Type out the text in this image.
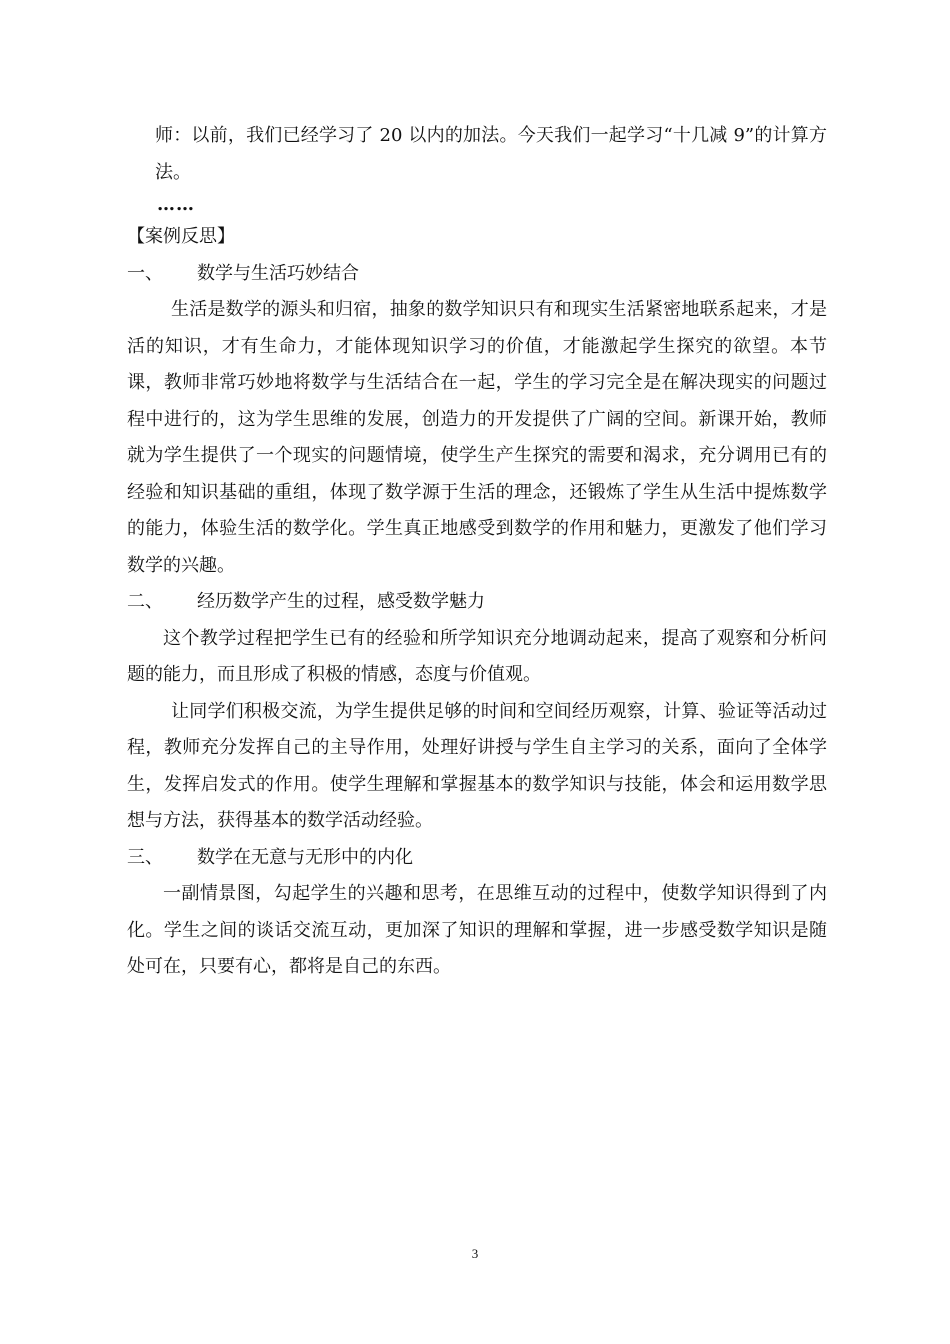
师：以前，我们已经学习了 20 以内的加法。今天我们一起学习“十几减 9”的计算方法。

……

【案例反思】

一、 数学与生活巧妙结合

生活是数学的源头和归宿，抽象的数学知识只有和现实生活紧密地联系起来，才是活的知识，才有生命力，才能体现知识学习的价值，才能激起学生探究的欲望。本节课，教师非常巧妙地将数学与生活结合在一起，学生的学习完全是在解决现实的问题过程中进行的，这为学生思维的发展，创造力的开发提供了广阔的空间。新课开始，教师就为学生提供了一个现实的问题情境，使学生产生探究的需要和渴求，充分调用已有的经验和知识基础的重组，体现了数学源于生活的理念，还锻炼了学生从生活中提炼数学的能力，体验生活的数学化。学生真正地感受到数学的作用和魅力，更激发了他们学习数学的兴趣。

二、 经历数学产生的过程，感受数学魅力

这个教学过程把学生已有的经验和所学知识充分地调动起来，提高了观察和分析问题的能力，而且形成了积极的情感，态度与价值观。

让同学们积极交流，为学生提供足够的时间和空间经历观察，计算、验证等活动过程，教师充分发挥自己的主导作用，处理好讲授与学生自主学习的关系，面向了全体学生，发挥启发式的作用。使学生理解和掌握基本的数学知识与技能，体会和运用数学思想与方法，获得基本的数学活动经验。

三、 数学在无意与无形中的内化

一副情景图，勾起学生的兴趣和思考，在思维互动的过程中，使数学知识得到了内化。学生之间的谈话交流互动，更加深了知识的理解和掌握，进一步感受数学知识是随处可在，只要有心，都将是自己的东西。

3
